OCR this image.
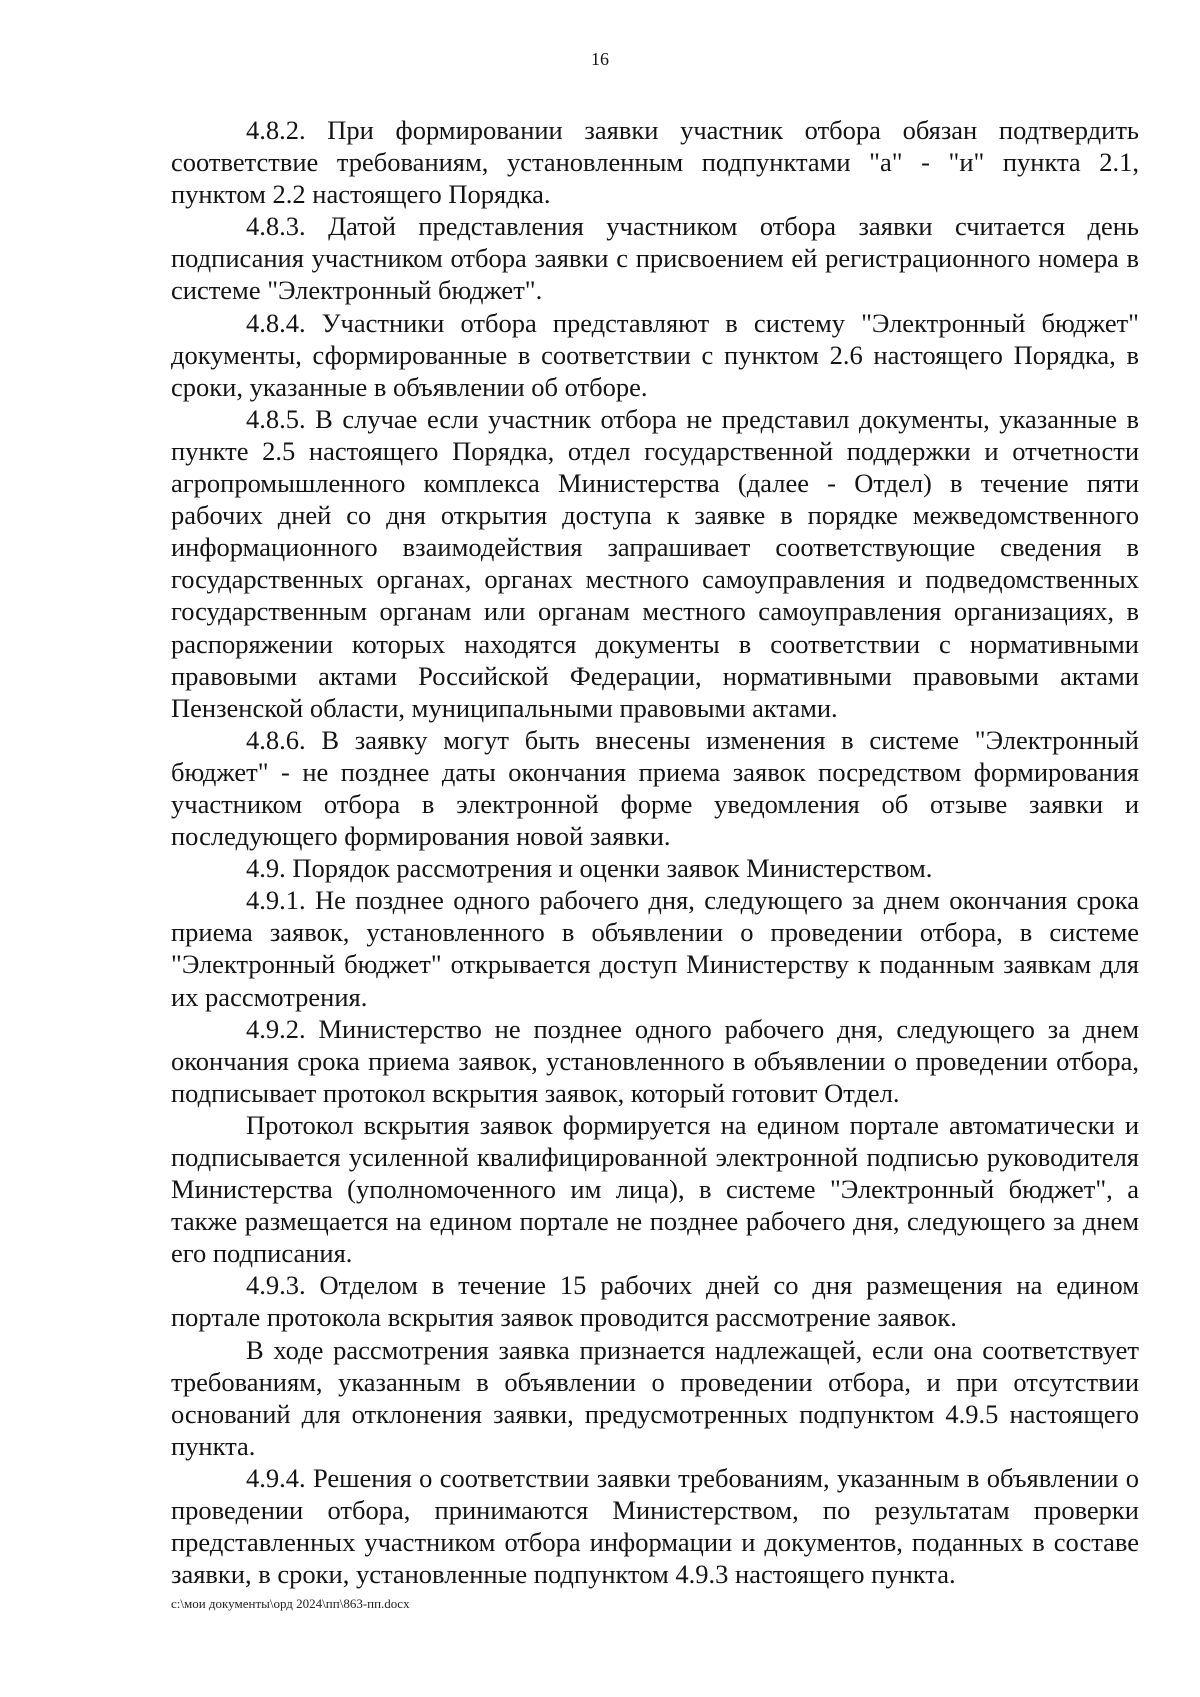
16

4.8.2. При формировании заявки участник отбора обязан подтвердить соответствие требованиям, установленным подпунктами "а" - "и" пункта 2.1, пунктом 2.2 настоящего Порядка.

4.8.3. Датой представления участником отбора заявки считается день подписания участником отбора заявки с присвоением ей регистрационного номера в системе "Электронный бюджет".

4.8.4. Участники отбора представляют в систему "Электронный бюджет" документы, сформированные в соответствии с пунктом 2.6 настоящего Порядка, в сроки, указанные в объявлении об отборе.

4.8.5. В случае если участник отбора не представил документы, указанные в пункте 2.5 настоящего Порядка, отдел государственной поддержки и отчетности агропромышленного комплекса Министерства (далее - Отдел) в течение пяти рабочих дней со дня открытия доступа к заявке в порядке межведомственного информационного взаимодействия запрашивает соответствующие сведения в государственных органах, органах местного самоуправления и подведомственных государственным органам или органам местного самоуправления организациях, в распоряжении которых находятся документы в соответствии с нормативными правовыми актами Российской Федерации, нормативными правовыми актами Пензенской области, муниципальными правовыми актами.

4.8.6. В заявку могут быть внесены изменения в системе "Электронный бюджет" - не позднее даты окончания приема заявок посредством формирования участником отбора в электронной форме уведомления об отзыве заявки и последующего формирования новой заявки.

4.9. Порядок рассмотрения и оценки заявок Министерством.

4.9.1. Не позднее одного рабочего дня, следующего за днем окончания срока приема заявок, установленного в объявлении о проведении отбора, в системе "Электронный бюджет" открывается доступ Министерству к поданным заявкам для их рассмотрения.

4.9.2. Министерство не позднее одного рабочего дня, следующего за днем окончания срока приема заявок, установленного в объявлении о проведении отбора, подписывает протокол вскрытия заявок, который готовит Отдел.

Протокол вскрытия заявок формируется на едином портале автоматически и подписывается усиленной квалифицированной электронной подписью руководителя Министерства (уполномоченного им лица), в системе "Электронный бюджет", а также размещается на едином портале не позднее рабочего дня, следующего за днем его подписания.

4.9.3. Отделом в течение 15 рабочих дней со дня размещения на едином портале протокола вскрытия заявок проводится рассмотрение заявок.

В ходе рассмотрения заявка признается надлежащей, если она соответствует требованиям, указанным в объявлении о проведении отбора, и при отсутствии оснований для отклонения заявки, предусмотренных подпунктом 4.9.5 настоящего пункта.

4.9.4. Решения о соответствии заявки требованиям, указанным в объявлении о проведении отбора, принимаются Министерством, по результатам проверки представленных участником отбора информации и документов, поданных в составе заявки, в сроки, установленные подпунктом 4.9.3 настоящего пункта.

c:\мои документы\орд 2024\пп\863-пп.docx
